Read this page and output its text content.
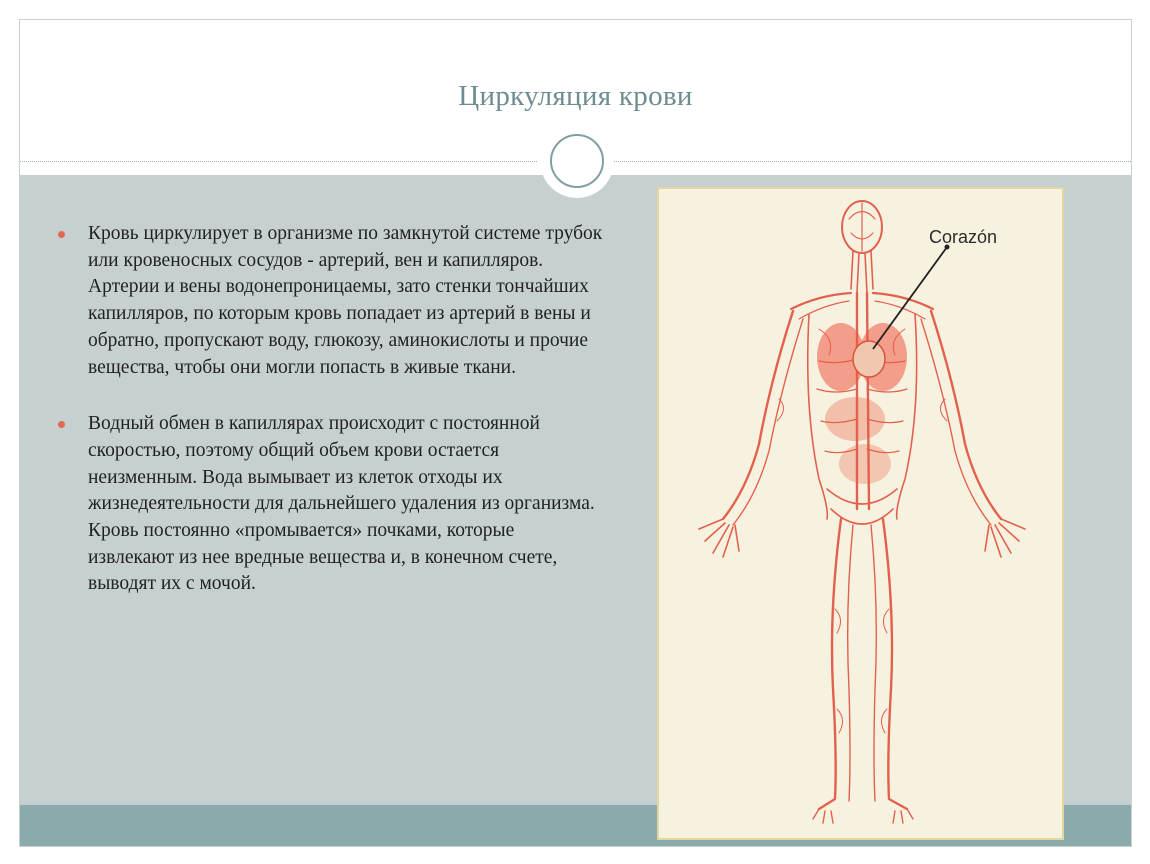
Циркуляция крови
Кровь циркулирует в организме по замкнутой системе трубок или кровеносных сосудов - артерий, вен и капилляров. Артерии и вены водонепроницаемы, зато стенки тончайших капилляров, по которым кровь попадает из артерий в вены и обратно, пропускают воду, глюкозу, аминокислоты и прочие вещества, чтобы они могли попасть в живые ткани.
Водный обмен в капиллярах происходит с постоянной скоростью, поэтому общий объем крови остается неизменным. Вода вымывает из клеток отходы их жизнедеятельности для дальнейшего удаления из организма. Кровь постоянно «промывается» почками, которые извлекают из нее вредные вещества и, в конечном счете, выводят их с мочой.
Corazón
